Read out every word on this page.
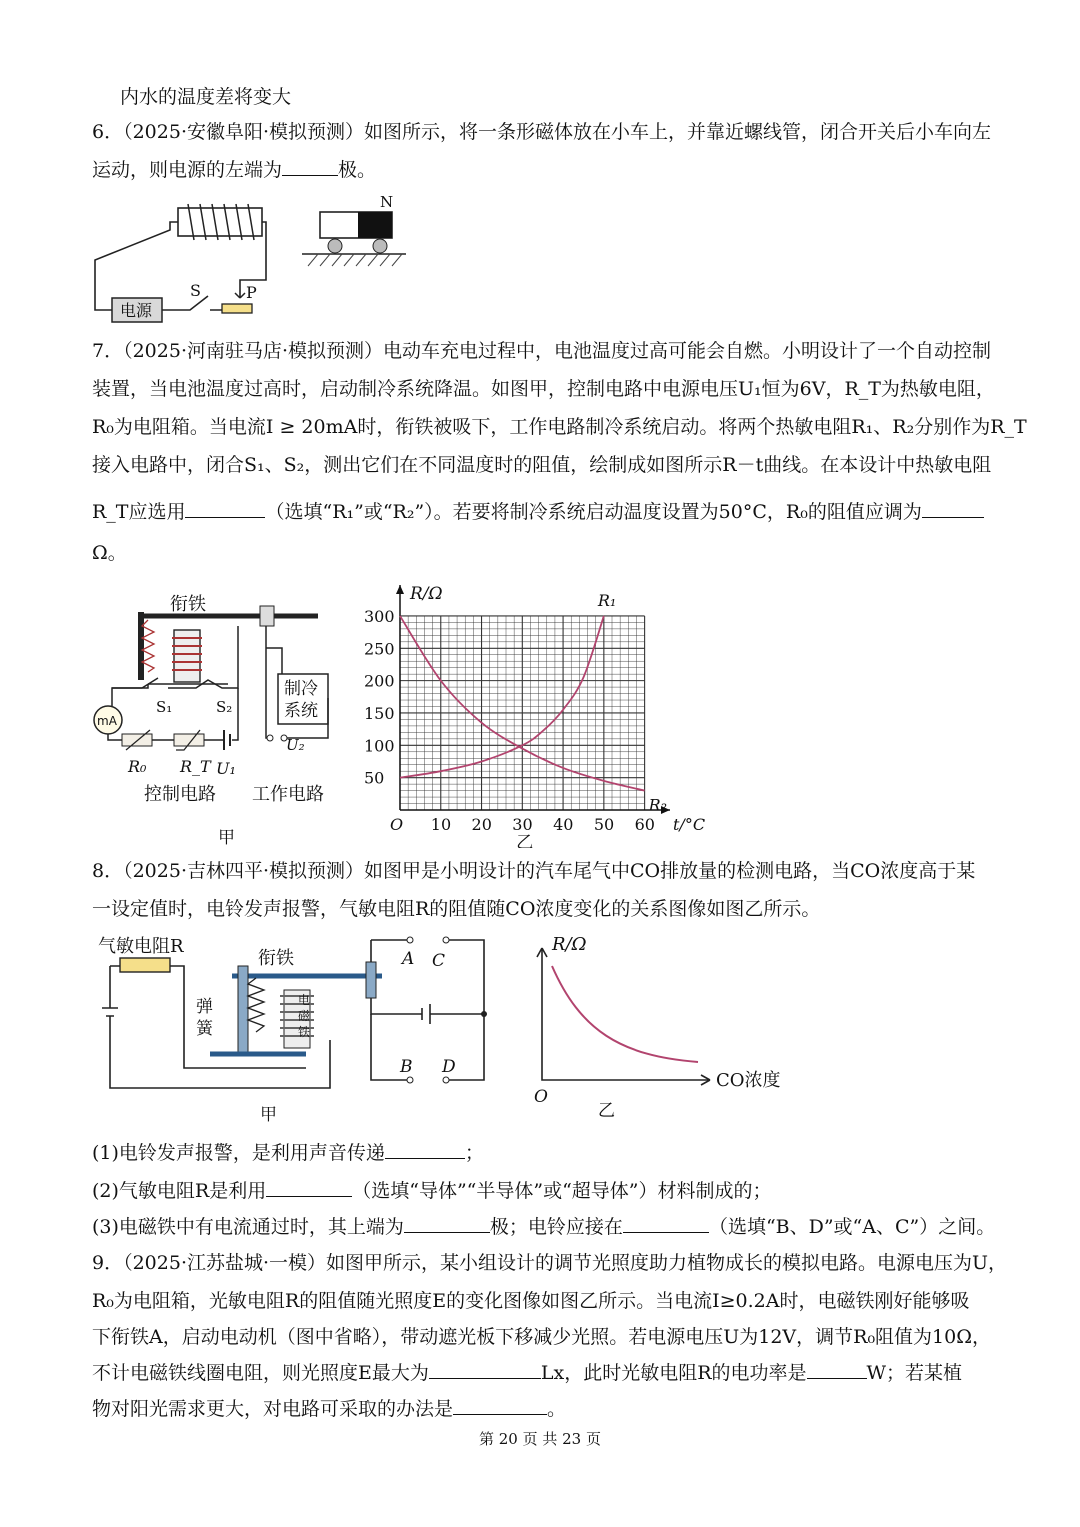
内水的温度差将变大
6．（2025·安徽阜阳·模拟预测）如图所示，将一条形磁体放在小车上，并靠近螺线管，闭合开关后小车向左
运动，则电源的左端为	极。
电源
S	P
N
7．（2025·河南驻马店·模拟预测）电动车充电过程中，电池温度过高可能会自燃。小明设计了一个自动控制
装置，当电池温度过高时，启动制冷系统降温。如图甲，控制电路中电源电压U₁恒为6V，R_T为热敏电阻，
R₀为电阻箱。当电流I ≥ 20mA时，衔铁被吸下，工作电路制冷系统启动。将两个热敏电阻R₁、R₂分别作为R_T
接入电路中，闭合S₁、S₂，测出它们在不同温度时的阻值，绘制成如图所示R－t曲线。在本设计中热敏电阻
R_T应选用	（选填“R₁”或“R₂”）。若要将制冷系统启动温度设置为50°C，R₀的阻值应调为
Ω。
衔铁
mA
S₁	S₂
R₀ R_T U₁
U₂
制冷
系统
控制电路 工作电路
甲
10 20 30 40 50 60
50
100
150
200
250
300
O	t/°C
R/Ω
乙
R₁
R₂
8．（2025·吉林四平·模拟预测）如图甲是小明设计的汽车尾气中CO排放量的检测电路，当CO浓度高于某
一设定值时，电铃发声报警，气敏电阻R的阻值随CO浓度变化的关系图像如图乙所示。
气敏电阻R
衔铁
弹
簧
电
磁
铁
A C
B D
甲
R/Ω
CO浓度
O
乙
(1)电铃发声报警，是利用声音传递	；
(2)气敏电阻R是利用	（选填“导体”“半导体”或“超导体”）材料制成的；
(3)电磁铁中有电流通过时，其上端为	极；电铃应接在	（选填“B、D”或“A、C”）之间。
9．（2025·江苏盐城·一模）如图甲所示，某小组设计的调节光照度助力植物成长的模拟电路。电源电压为U，
R₀为电阻箱，光敏电阻R的阻值随光照度E的变化图像如图乙所示。当电流I≥0.2A时，电磁铁刚好能够吸
下衔铁A，启动电动机（图中省略），带动遮光板下移减少光照。若电源电压U为12V，调节R₀阻值为10Ω，
不计电磁铁线圈电阻，则光照度E最大为	Lx，此时光敏电阻R的电功率是	W；若某植
物对阳光需求更大，对电路可采取的办法是	。
第 20 页 共 23 页
